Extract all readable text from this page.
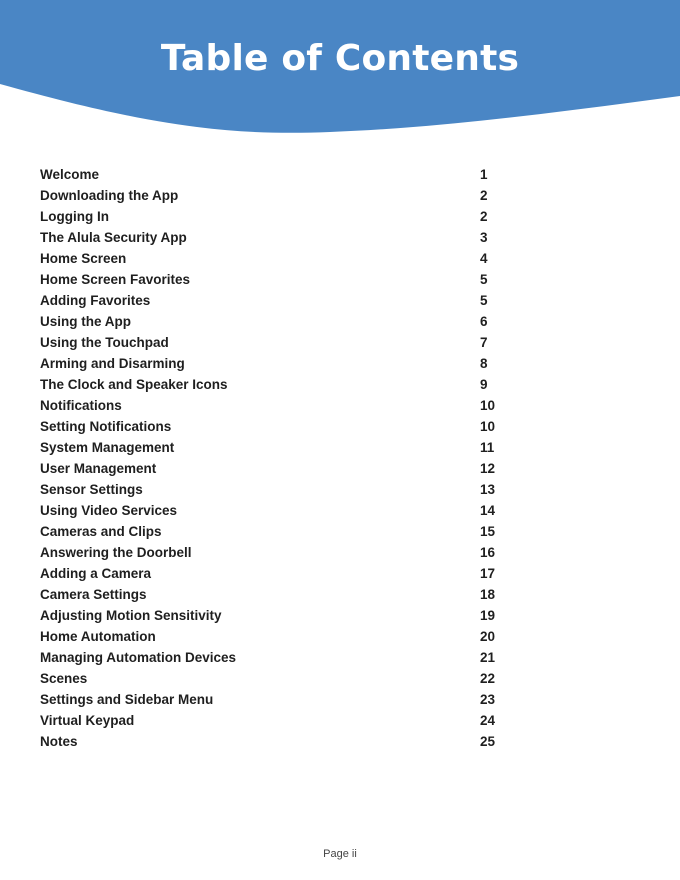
Table of Contents
Welcome	1
Downloading the App	2
Logging In	2
The Alula Security App	3
Home Screen	4
Home Screen Favorites	5
Adding Favorites	5
Using the App	6
Using the Touchpad	7
Arming and Disarming	8
The Clock and Speaker Icons	9
Notifications	10
Setting Notifications	10
System Management	11
User Management	12
Sensor Settings	13
Using Video Services	14
Cameras and Clips	15
Answering the Doorbell	16
Adding a Camera	17
Camera Settings	18
Adjusting Motion Sensitivity	19
Home Automation	20
Managing Automation Devices	21
Scenes	22
Settings and Sidebar Menu	23
Virtual Keypad	24
Notes	25
Page ii
